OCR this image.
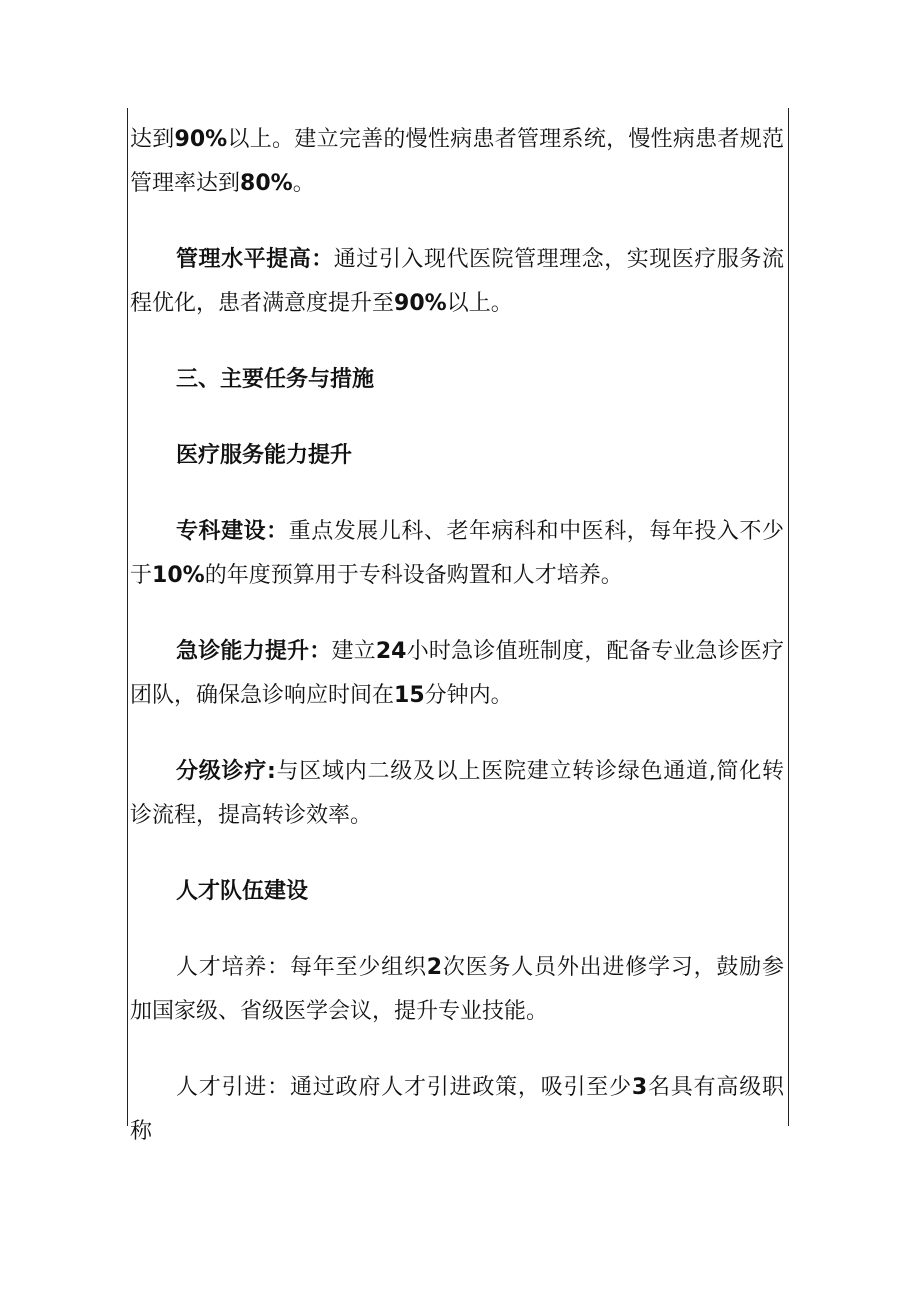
达到90%以上。建立完善的慢性病患者管理系统，慢性病患者规范管理率达到80%。

管理水平提高：通过引入现代医院管理理念，实现医疗服务流程优化，患者满意度提升至90%以上。

三、主要任务与措施

医疗服务能力提升

专科建设：重点发展儿科、老年病科和中医科，每年投入不少于10%的年度预算用于专科设备购置和人才培养。

急诊能力提升：建立24小时急诊值班制度，配备专业急诊医疗团队，确保急诊响应时间在15分钟内。

分级诊疗:与区域内二级及以上医院建立转诊绿色通道,简化转诊流程，提高转诊效率。

人才队伍建设

人才培养：每年至少组织2次医务人员外出进修学习，鼓励参加国家级、省级医学会议，提升专业技能。

人才引进：通过政府人才引进政策，吸引至少3名具有高级职称
